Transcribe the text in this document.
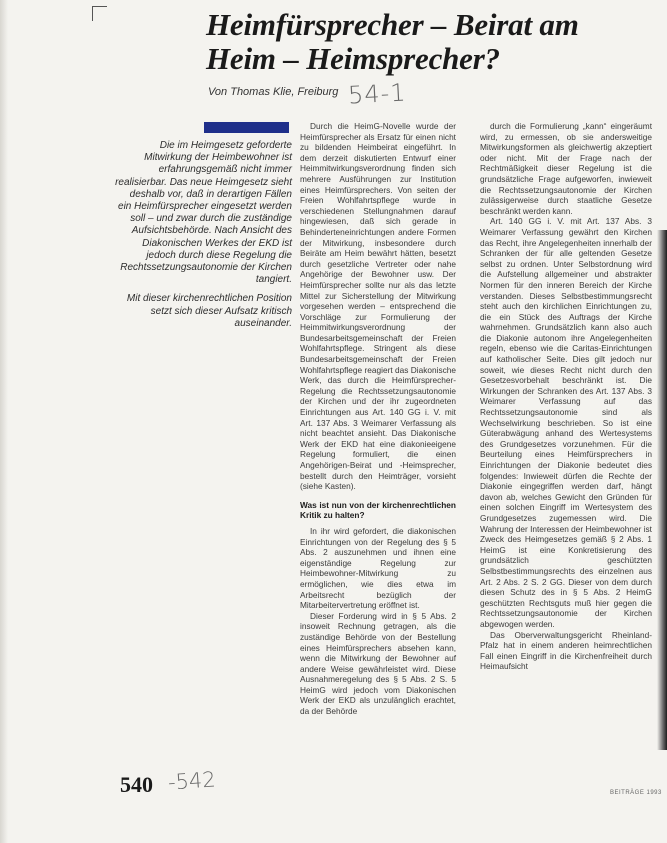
Heimfürsprecher – Beirat am Heim – Heimsprecher?
Von Thomas Klie, Freiburg 54-1

Die im Heimgesetz geforderte Mitwirkung der Heimbewohner ist erfahrungsgemäß nicht immer realisierbar. Das neue Heimgesetz sieht deshalb vor, daß in derartigen Fällen ein Heimfürsprecher eingesetzt werden soll – und zwar durch die zuständige Aufsichtsbehörde. Nach Ansicht des Diakonischen Werkes der EKD ist jedoch durch diese Regelung die Rechtssetzungsautonomie der Kirchen tangiert.

Mit dieser kirchenrechtlichen Position setzt sich dieser Aufsatz kritisch auseinander.

Durch die HeimG-Novelle wurde der Heimfürsprecher als Ersatz für einen nicht zu bildenden Heimbeirat eingeführt. In dem derzeit diskutierten Entwurf einer Heimmitwirkungsverordnung finden sich mehrere Ausführungen zur Institution eines Heimfürsprechers. Von seiten der Freien Wohlfahrtspflege wurde in verschiedenen Stellungnahmen darauf hingewiesen, daß sich gerade in Behinderteneinrichtungen andere Formen der Mitwirkung, insbesondere durch Beiräte am Heim bewährt hätten, besetzt durch gesetzliche Vertreter oder nahe Angehörige der Bewohner usw. Der Heimfürsprecher sollte nur als das letzte Mittel zur Sicherstellung der Mitwirkung vorgesehen werden – entsprechend die Vorschläge zur Formulierung der Heimmitwirkungsverordnung der Bundesarbeitsgemeinschaft der Freien Wohlfahrtspflege. Stringent als diese Bundesarbeitsgemeinschaft der Freien Wohlfahrtspflege reagiert das Diakonische Werk, das durch die Heimfürsprecher-Regelung die Rechtssetzungsautonomie der Kirchen und der ihr zugeordneten Einrichtungen aus Art. 140 GG i. V. mit Art. 137 Abs. 3 Weimarer Verfassung als nicht beachtet ansieht. Das Diakonische Werk der EKD hat eine diakonieeigene Regelung formuliert, die einen Angehörigen-Beirat und -Heimsprecher, bestellt durch den Heimträger, vorsieht (siehe Kasten).

Was ist nun von der kirchenrechtlichen Kritik zu halten?

In ihr wird gefordert, die diakonischen Einrichtungen von der Regelung des § 5 Abs. 2 auszunehmen und ihnen eine eigenständige Regelung zur Heimbewohner-Mitwirkung zu ermöglichen, wie dies etwa im Arbeitsrecht bezüglich der Mitarbeitervertretung eröffnet ist.

Dieser Forderung wird in § 5 Abs. 2 insoweit Rechnung getragen, als die zuständige Behörde von der Bestellung eines Heimfürsprechers absehen kann, wenn die Mitwirkung der Bewohner auf andere Weise gewährleistet wird. Diese Ausnahmeregelung des § 5 Abs. 2 S. 5 HeimG wird jedoch vom Diakonischen Werk der EKD als unzulänglich erachtet, da der Behörde

durch die Formulierung „kann“ eingeräumt wird, zu ermessen, ob sie andersweitige Mitwirkungsformen als gleichwertig akzeptiert oder nicht. Mit der Frage nach der Rechtmäßigkeit dieser Regelung ist die grundsätzliche Frage aufgeworfen, inwieweit die Rechtssetzungsautonomie der Kirchen zulässigerweise durch staatliche Gesetze beschränkt werden kann.

Art. 140 GG i. V. mit Art. 137 Abs. 3 Weimarer Verfassung gewährt den Kirchen das Recht, ihre Angelegenheiten innerhalb der Schranken der für alle geltenden Gesetze selbst zu ordnen. Unter Selbstordnung wird die Aufstellung allgemeiner und abstrakter Normen für den inneren Bereich der Kirche verstanden. Dieses Selbstbestimmungsrecht steht auch den kirchlichen Einrichtungen zu, die ein Stück des Auftrags der Kirche wahrnehmen. Grundsätzlich kann also auch die Diakonie autonom ihre Angelegenheiten regeln, ebenso wie die Caritas-Einrichtungen auf katholischer Seite. Dies gilt jedoch nur soweit, wie dieses Recht nicht durch den Gesetzesvorbehalt beschränkt ist. Die Wirkungen der Schranken des Art. 137 Abs. 3 Weimarer Verfassung auf das Rechtssetzungsautonomie sind als Wechselwirkung beschrieben. So ist eine Güterabwägung anhand des Wertesystems des Grundgesetzes vorzunehmen. Für die Beurteilung eines Heimfürsprechers in Einrichtungen der Diakonie bedeutet dies folgendes: Inwieweit dürfen die Rechte der Diakonie eingegriffen werden darf, hängt davon ab, welches Gewicht den Gründen für einen solchen Eingriff im Wertesystem des Grundgesetzes zugemessen wird. Die Wahrung der Interessen der Heimbewohner ist Zweck des Heimgesetzes gemäß § 2 Abs. 1 HeimG ist eine Konkretisierung des grundsätzlich geschützten Selbstbestimmungsrechts des einzelnen aus Art. 2 Abs. 2 S. 2 GG. Dieser von dem durch diesen Schutz des in § 5 Abs. 2 HeimG geschützten Rechtsguts muß hier gegen die Rechtssetzungsautonomie der Kirchen abgewogen werden.

Das Oberverwaltungsgericht Rheinland-Pfalz hat in einem anderen heimrechtlichen Fall einen Eingriff in die Kirchenfreiheit durch Heimaufsicht

540 -542	BEITRÄGE 1993
